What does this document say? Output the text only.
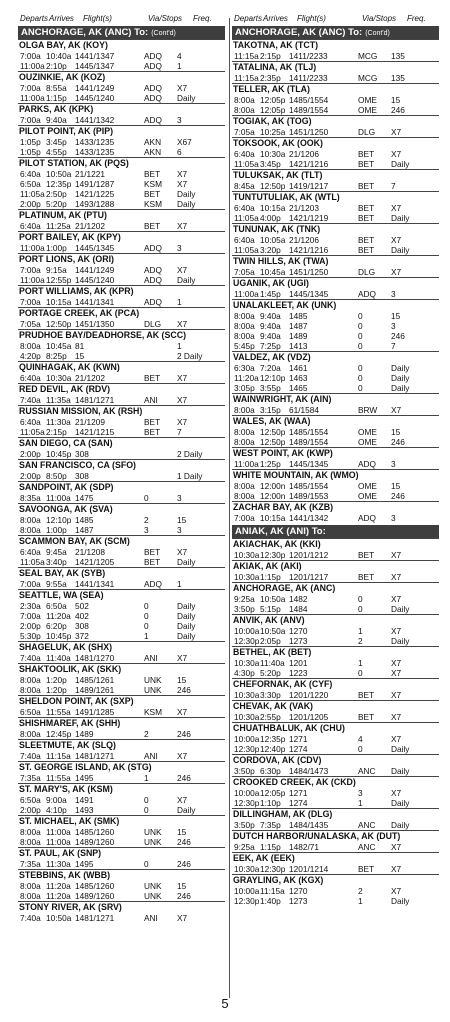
Departs Arrives	Flight(s)	Via/Stops	Freq.
ANCHORAGE, AK (ANC) To: (Cont'd)
OLGA BAY, AK (KOY)
7:00a 10:40a 1441/1347	ADQ	4
11:00a 2:10p 1445/1347	ADQ	1
OUZINKIE, AK (KOZ)
7:00a 8:55a 1441/1249	ADQ	X7
11:00a 1:15p 1445/1240	ADQ	Daily
PARKS, AK (KPK)
7:00a 9:40a 1441/1342	ADQ	3
PILOT POINT, AK (PIP)
1:05p 3:45p 1433/1235	AKN	X67
1:05p 4:55p 1433/1235	AKN	6
PILOT STATION, AK (PQS)
6:40a 10:50a 21/1221	BET	X7
6:50a 12:35p 1491/1287	KSM	X7
11:05a 2:50p 1421/1225	BET	Daily
2:00p 5:20p 1493/1288	KSM	Daily
PLATINUM, AK (PTU)
6:40a 11:25a 21/1202	BET	X7
PORT BAILEY, AK (KPY)
11:00a 1:00p 1445/1345	ADQ	3
PORT LIONS, AK (ORI)
7:00a 9:15a 1441/1249	ADQ	X7
11:00a 12:55p 1445/1240	ADQ	Daily
PORT WILLIAMS, AK (KPR)
7:00a 10:15a 1441/1341	ADQ	1
PORTAGE CREEK, AK (PCA)
7:05a 12:50p 1451/1350	DLG	X7
PRUDHOE BAY/DEADHORSE, AK (SCC)
8:00a 10:45a 81	1
4:20p 8:25p 15	2 Daily
QUINHAGAK, AK (KWN)
6:40a 10:30a 21/1202	BET	X7
RED DEVIL, AK (RDV)
7:40a 11:35a 1481/1271	ANI	X7
RUSSIAN MISSION, AK (RSH)
6:40a 11:30a 21/1209	BET	X7
11:05a 2:15p 1421/1215	BET	7
SAN DIEGO, CA (SAN)
2:00p 10:45p 308	2 Daily
SAN FRANCISCO, CA (SFO)
2:00p 8:50p 308	1 Daily
SANDPOINT, AK (SDP)
8:35a 11:00a 1475	0	3
SAVOONGA, AK (SVA)
8:00a 12:10p 1485	2	15
8:00a 1:00p 1487	3	3
SCAMMON BAY, AK (SCM)
6:40a 9:45a 21/1208	BET	X7
11:05a 3:40p 1421/1205	BET	Daily
SEAL BAY, AK (SYB)
7:00a 9:55a 1441/1341	ADQ	1
SEATTLE, WA (SEA)
2:30a 6:50a 502	0	Daily
7:00a 11:20a 402	0	Daily
2:00p 6:20p 308	0	Daily
5:30p 10:45p 372	1	Daily
SHAGELUK, AK (SHX)
7:40a 11:40a 1481/1270	ANI	X7
SHAKTOOLIK, AK (SKK)
8:00a 1:20p 1485/1261	UNK	15
8:00a 1:20p 1489/1261	UNK	246
SHELDON POINT, AK (SXP)
6:50a 11:55a 1491/1285	KSM	X7
SHISHMAREF, AK (SHH)
8:00a 12:45p 1489	2	246
SLEETMUTE, AK (SLQ)
7:40a 11:15a 1481/1271	ANI	X7
ST. GEORGE ISLAND, AK (STG)
7:35a 11:55a 1495	1	246
ST. MARY'S, AK (KSM)
6:50a 9:00a 1491	0	X7
2:00p 4:10p 1493	0	Daily
ST. MICHAEL, AK (SMK)
8:00a 11:00a 1485/1260	UNK	15
8:00a 11:00a 1489/1260	UNK	246
ST. PAUL, AK (SNP)
7:35a 11:30a 1495	0	246
STEBBINS, AK (WBB)
8:00a 11:20a 1485/1260	UNK	15
8:00a 11:20a 1489/1260	UNK	246
STONY RIVER, AK (SRV)
7:40a 10:50a 1481/1271	ANI	X7
Departs Arrives	Flight(s)	Via/Stops	Freq.
ANCHORAGE, AK (ANC) To: (Cont'd)
TAKOTNA, AK (TCT)
11:15a 2:15p 1411/2233	MCG	135
TATALINA, AK (TLJ)
11:15a 2:35p 1411/2233	MCG	135
TELLER, AK (TLA)
8:00a 12:05p 1485/1554	OME	15
8:00a 12:05p 1489/1554	OME	246
TOGIAK, AK (TOG)
7:05a 10:25a 1451/1250	DLG	X7
TOKSOOK, AK (OOK)
6:40a 10:30a 21/1206	BET	X7
11:05a 3:45p 1421/1216	BET	Daily
TULUKSAK, AK (TLT)
8:45a 12:50p 1419/1217	BET	7
TUNTUTULIAK, AK (WTL)
6:40a 10:15a 21/1203	BET	X7
11:05a 4:00p 1421/1219	BET	Daily
TUNUNAK, AK (TNK)
6:40a 10:05a 21/1206	BET	X7
11:05a 3:20p 1421/1216	BET	Daily
TWIN HILLS, AK (TWA)
7:05a 10:45a 1451/1250	DLG	X7
UGANIK, AK (UGI)
11:00a 1:45p 1445/1345	ADQ	3
UNALAKLEET, AK (UNK)
8:00a 9:40a 1485	0	15
8:00a 9:40a 1487	0	3
8:00a 9:40a 1489	0	246
5:45p 7:25p 1413	0	7
VALDEZ, AK (VDZ)
6:30a 7:20a 1461	0	Daily
11:20a 12:10p 1463	0	Daily
3:05p 3:55p 1465	0	Daily
WAINWRIGHT, AK (AIN)
8:00a 3:15p 61/1584	BRW	X7
WALES, AK (WAA)
8:00a 12:50p 1485/1554	OME	15
8:00a 12:50p 1489/1554	OME	246
WEST POINT, AK (KWP)
11:00a 1:25p 1445/1345	ADQ	3
WHITE MOUNTAIN, AK (WMO)
8:00a 12:00n 1485/1554	OME	15
8:00a 12:00n 1489/1553	OME	246
ZACHAR BAY, AK (KZB)
7:00a 10:15a 1441/1342	ADQ	3
ANIAK, AK (ANI) To:
AKIACHAK, AK (KKI)
10:30a 12:30p 1201/1212	BET	X7
AKIAK, AK (AKI)
10:30a 1:15p 1201/1217	BET	X7
ANCHORAGE, AK (ANC)
9:25a 10:50a 1482	0	X7
3:50p 5:15p 1484	0	Daily
ANVIK, AK (ANV)
10:00a 10:50a 1270	1	X7
12:30p 2:05p 1273	2	Daily
BETHEL, AK (BET)
10:30a 11:40a 1201	1	X7
4:30p 5:20p 1223	0	X7
CHEFORNAK, AK (CYF)
10:30a 3:30p 1201/1220	BET	X7
CHEVAK, AK (VAK)
10:30a 2:55p 1201/1205	BET	X7
CHUATHBALUK, AK (CHU)
10:00a 12:35p 1271	4	X7
12:30p 12:40p 1274	0	Daily
CORDOVA, AK (CDV)
3:50p 6:30p 1484/1473	ANC	Daily
CROOKED CREEK, AK (CKD)
10:00a 12:05p 1271	3	X7
12:30p 1:10p 1274	1	Daily
DILLINGHAM, AK (DLG)
3:50p 7:35p 1484/1435	ANC	Daily
DUTCH HARBOR/UNALASKA, AK (DUT)
9:25a 1:15p 1482/71	ANC	X7
EEK, AK (EEK)
10:30a 12:30p 1201/1214	BET	X7
GRAYLING, AK (KGX)
10:00a 11:15a 1270	2	X7
12:30p 1:40p 1273	1	Daily
5
